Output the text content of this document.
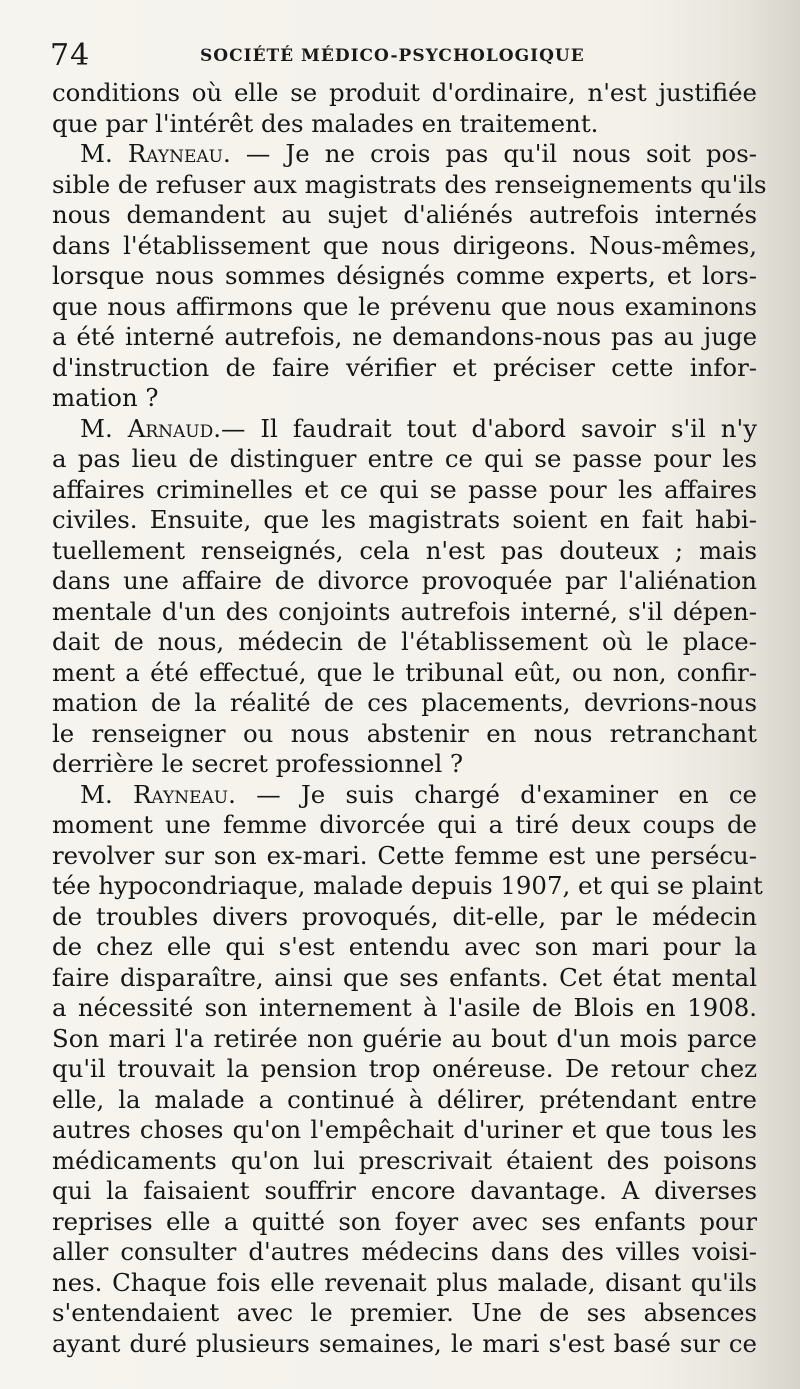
74	SOCIÉTÉ MÉDICO-PSYCHOLOGIQUE
conditions où elle se produit d'ordinaire, n'est justifiée
que par l'intérêt des malades en traitement.
M. Rayneau. — Je ne crois pas qu'il nous soit pos-
sible de refuser aux magistrats des renseignements qu'ils
nous demandent au sujet d'aliénés autrefois internés
dans l'établissement que nous dirigeons. Nous-mêmes,
lorsque nous sommes désignés comme experts, et lors-
que nous affirmons que le prévenu que nous examinons
a été interné autrefois, ne demandons-nous pas au juge
d'instruction de faire vérifier et préciser cette infor-
mation ?
M. Arnaud.— Il faudrait tout d'abord savoir s'il n'y
a pas lieu de distinguer entre ce qui se passe pour les
affaires criminelles et ce qui se passe pour les affaires
civiles. Ensuite, que les magistrats soient en fait habi-
tuellement renseignés, cela n'est pas douteux ; mais
dans une affaire de divorce provoquée par l'aliénation
mentale d'un des conjoints autrefois interné, s'il dépen-
dait de nous, médecin de l'établissement où le place-
ment a été effectué, que le tribunal eût, ou non, confir-
mation de la réalité de ces placements, devrions-nous
le renseigner ou nous abstenir en nous retranchant
derrière le secret professionnel ?
M. Rayneau. — Je suis chargé d'examiner en ce
moment une femme divorcée qui a tiré deux coups de
revolver sur son ex-mari. Cette femme est une persécu-
tée hypocondriaque, malade depuis 1907, et qui se plaint
de troubles divers provoqués, dit-elle, par le médecin
de chez elle qui s'est entendu avec son mari pour la
faire disparaître, ainsi que ses enfants. Cet état mental
a nécessité son internement à l'asile de Blois en 1908.
Son mari l'a retirée non guérie au bout d'un mois parce
qu'il trouvait la pension trop onéreuse. De retour chez
elle, la malade a continué à délirer, prétendant entre
autres choses qu'on l'empêchait d'uriner et que tous les
médicaments qu'on lui prescrivait étaient des poisons
qui la faisaient souffrir encore davantage. A diverses
reprises elle a quitté son foyer avec ses enfants pour
aller consulter d'autres médecins dans des villes voisi-
nes. Chaque fois elle revenait plus malade, disant qu'ils
s'entendaient avec le premier. Une de ses absences
ayant duré plusieurs semaines, le mari s'est basé sur ce
